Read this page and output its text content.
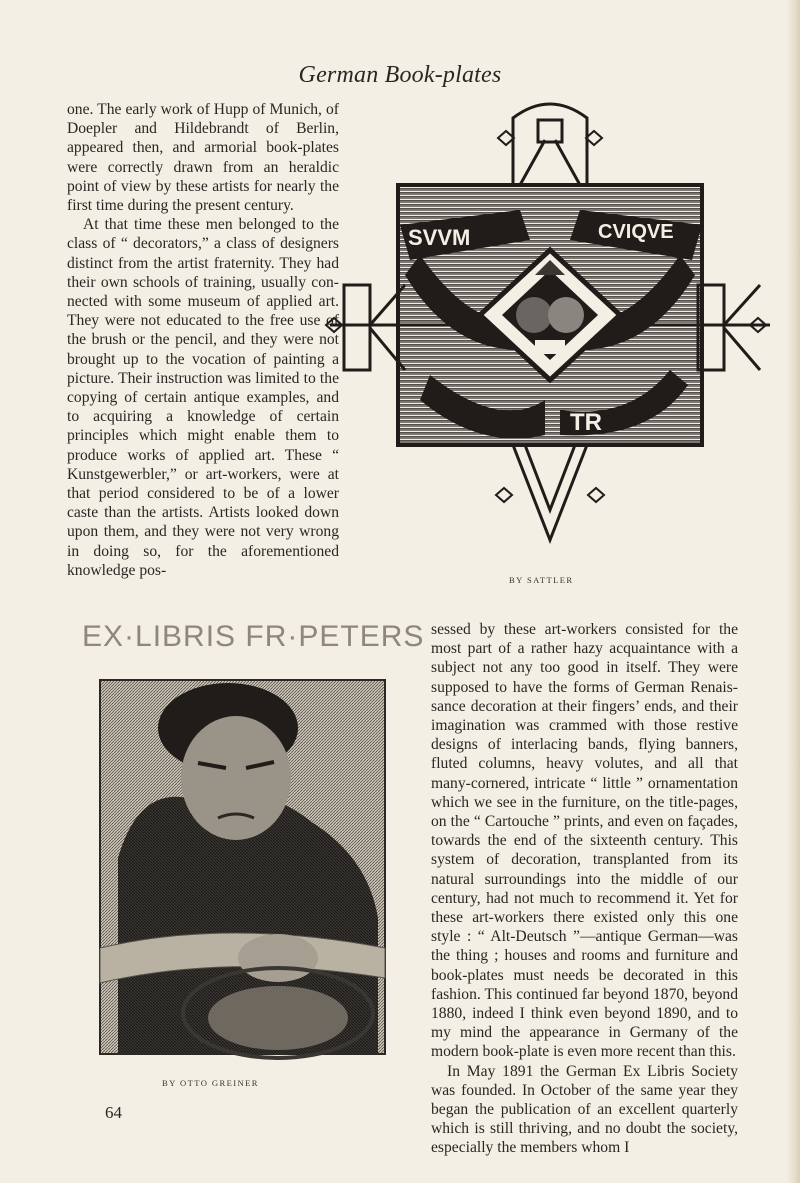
German Book-plates

one. The early work of Hupp of Munich, of Doepler and Hildebrandt of Berlin, appeared then, and armorial book-plates were correctly drawn from an heraldic point of view by these artists for nearly the first time during the present century.

At that time these men belonged to the class of “ decorators,” a class of designers distinct from the artist fraternity. They had their own schools of training, usually connected with some museum of applied art. They were not educated to the free use of the brush or the pencil, and they were not brought up to the vocation of painting a picture. Their instruction was limited to the copying of certain antique examples, and to acquiring a knowledge of certain principles which might enable them to produce works of applied art. These “ Kunstgewerbler,” or art-workers, were at that period considered to be of a lower caste than the artists. Artists looked down upon them, and they were not very wrong in doing so, for the aforementioned knowledge pos-

SVVM	CVIQVE
TR
BY SATTLER
EX·LIBRIS FR·PETERS
BY OTTO GREINER

sessed by these art-workers consisted for the most part of a rather hazy acquaintance with a subject not any too good in itself. They were supposed to have the forms of German Renaissance decoration at their fingers’ ends, and their imagination was crammed with those restive designs of interlacing bands, flying banners, fluted columns, heavy volutes, and all that many-cornered, intricate “ little ” ornamentation which we see in the furniture, on the title-pages, on the “ Cartouche ” prints, and even on façades, towards the end of the sixteenth century. This system of decoration, transplanted from its natural surroundings into the middle of our century, had not much to recommend it. Yet for these art-workers there existed only this one style : “ Alt-Deutsch ”—antique German—was the thing ; houses and rooms and furniture and book-plates must needs be decorated in this fashion. This continued far beyond 1870, beyond 1880, indeed I think even beyond 1890, and to my mind the appearance in Germany of the modern book-plate is even more recent than this.

In May 1891 the German Ex Libris Society was founded. In October of the same year they began the publication of an excellent quarterly which is still thriving, and no doubt the society, especially the members whom I

64
